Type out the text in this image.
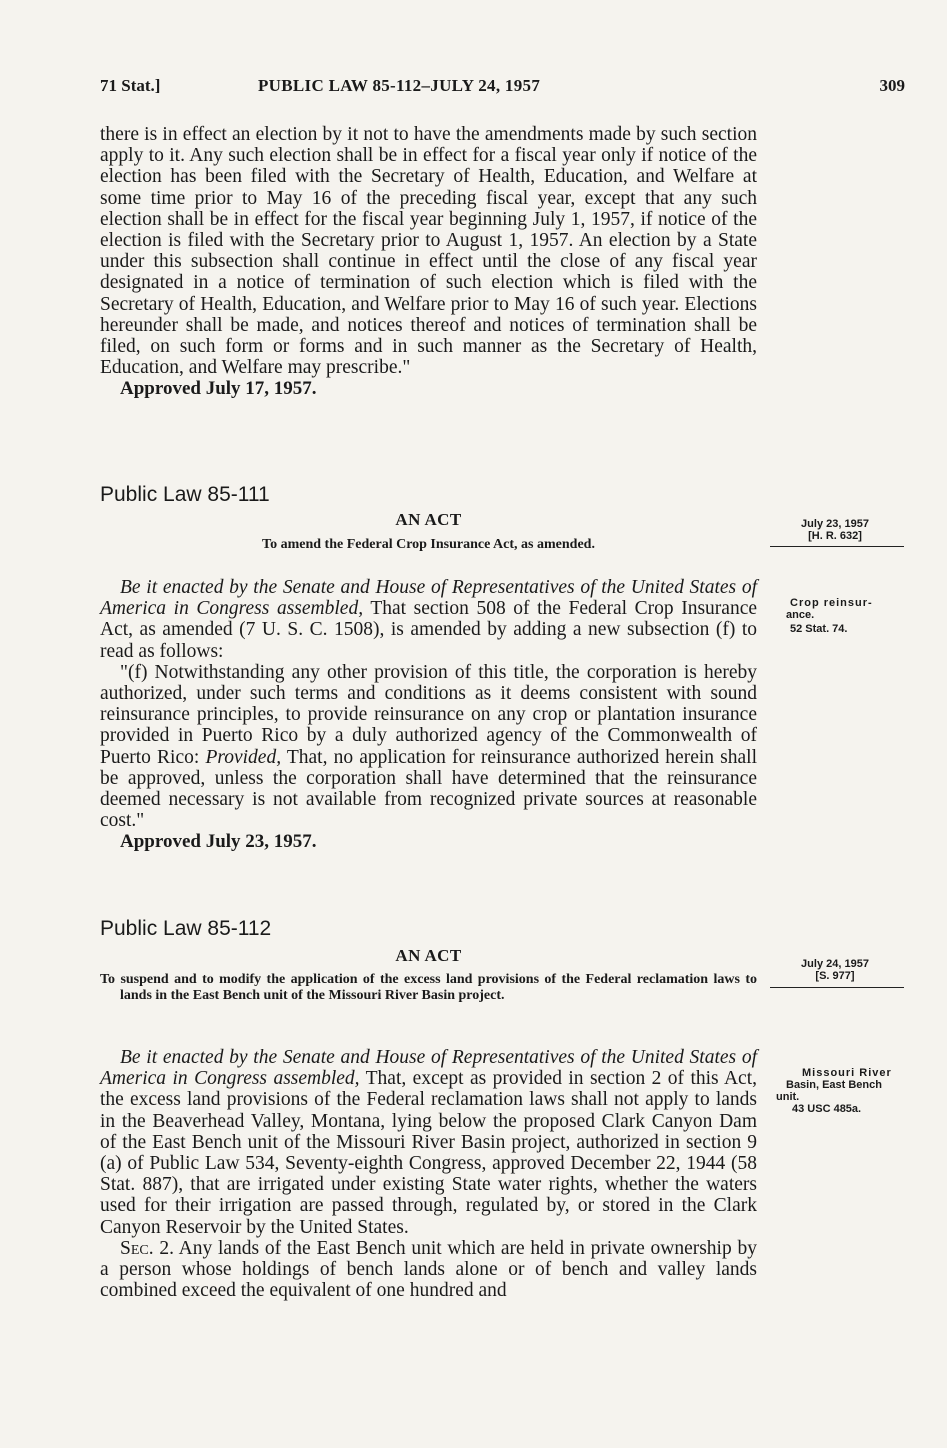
71 Stat.]	PUBLIC LAW 85-112–JULY 24, 1957	309

there is in effect an election by it not to have the amendments made by such section apply to it. Any such election shall be in effect for a fiscal year only if notice of the election has been filed with the Secretary of Health, Education, and Welfare at some time prior to May 16 of the preceding fiscal year, except that any such election shall be in effect for the fiscal year beginning July 1, 1957, if notice of the election is filed with the Secretary prior to August 1, 1957. An election by a State under this subsection shall continue in effect until the close of any fiscal year designated in a notice of termination of such election which is filed with the Secretary of Health, Education, and Welfare prior to May 16 of such year. Elections hereunder shall be made, and notices thereof and notices of termination shall be filed, on such form or forms and in such manner as the Secretary of Health, Education, and Welfare may prescribe."

Approved July 17, 1957.

Public Law 85-111
AN ACT
To amend the Federal Crop Insurance Act, as amended.
July 23, 1957
[H. R. 632]
Crop reinsur-
ance.
52 Stat. 74.

Be it enacted by the Senate and House of Representatives of the United States of America in Congress assembled, That section 508 of the Federal Crop Insurance Act, as amended (7 U. S. C. 1508), is amended by adding a new subsection (f) to read as follows:

"(f) Notwithstanding any other provision of this title, the corporation is hereby authorized, under such terms and conditions as it deems consistent with sound reinsurance principles, to provide reinsurance on any crop or plantation insurance provided in Puerto Rico by a duly authorized agency of the Commonwealth of Puerto Rico: Provided, That, no application for reinsurance authorized herein shall be approved, unless the corporation shall have determined that the reinsurance deemed necessary is not available from recognized private sources at reasonable cost."

Approved July 23, 1957.

Public Law 85-112
AN ACT
To suspend and to modify the application of the excess land provisions of the Federal reclamation laws to lands in the East Bench unit of the Missouri River Basin project.
July 24, 1957
[S. 977]
Missouri River
Basin, East Bench
unit.
43 USC 485a.

Be it enacted by the Senate and House of Representatives of the United States of America in Congress assembled, That, except as provided in section 2 of this Act, the excess land provisions of the Federal reclamation laws shall not apply to lands in the Beaverhead Valley, Montana, lying below the proposed Clark Canyon Dam of the East Bench unit of the Missouri River Basin project, authorized in section 9 (a) of Public Law 534, Seventy-eighth Congress, approved December 22, 1944 (58 Stat. 887), that are irrigated under existing State water rights, whether the waters used for their irrigation are passed through, regulated by, or stored in the Clark Canyon Reservoir by the United States.

Sec. 2. Any lands of the East Bench unit which are held in private ownership by a person whose holdings of bench lands alone or of bench and valley lands combined exceed the equivalent of one hundred and
